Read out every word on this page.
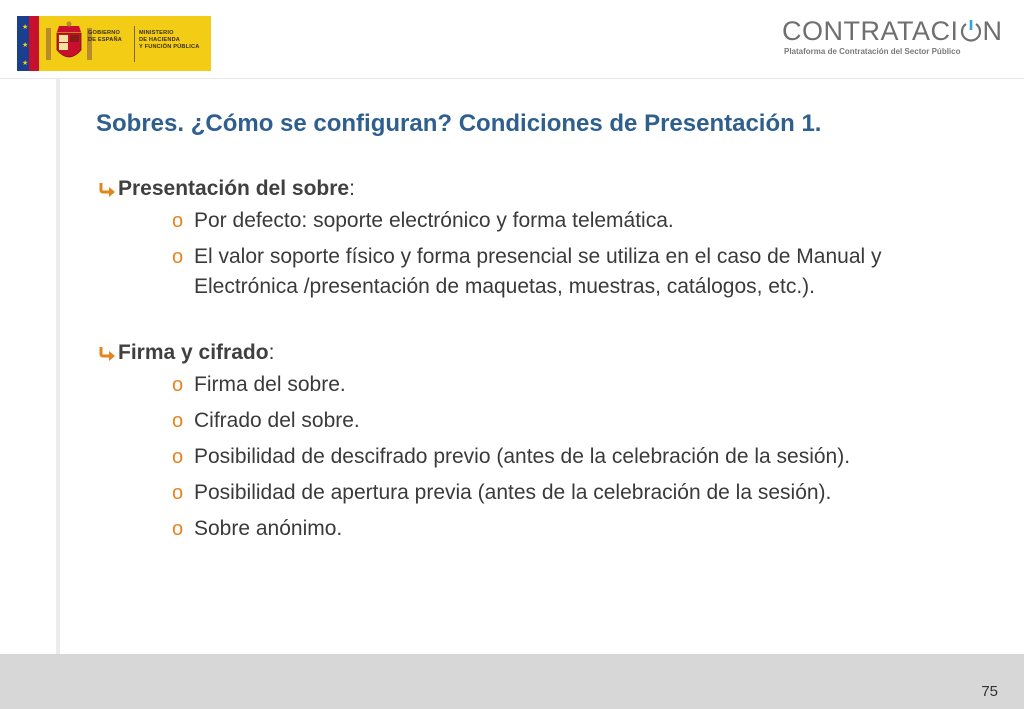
★
★
★
GOBIERNO
DE ESPAÑA
MINISTERIO
DE HACIENDA
Y FUNCIÓN PÚBLICA
CONTRATACI N
Plataforma de Contratación del Sector Público
Sobres. ¿Cómo se configuran? Condiciones de Presentación 1.
Presentación del sobre:
o Por defecto: soporte electrónico y forma telemática.
o El valor soporte físico y forma presencial se utiliza en el caso de Manual y Electrónica /presentación de maquetas, muestras, catálogos, etc.).
Firma y cifrado:
o Firma del sobre.
o Cifrado del sobre.
o Posibilidad de descifrado previo (antes de la celebración de la sesión).
o Posibilidad de apertura previa (antes de la celebración de la sesión).
o Sobre anónimo.
75
